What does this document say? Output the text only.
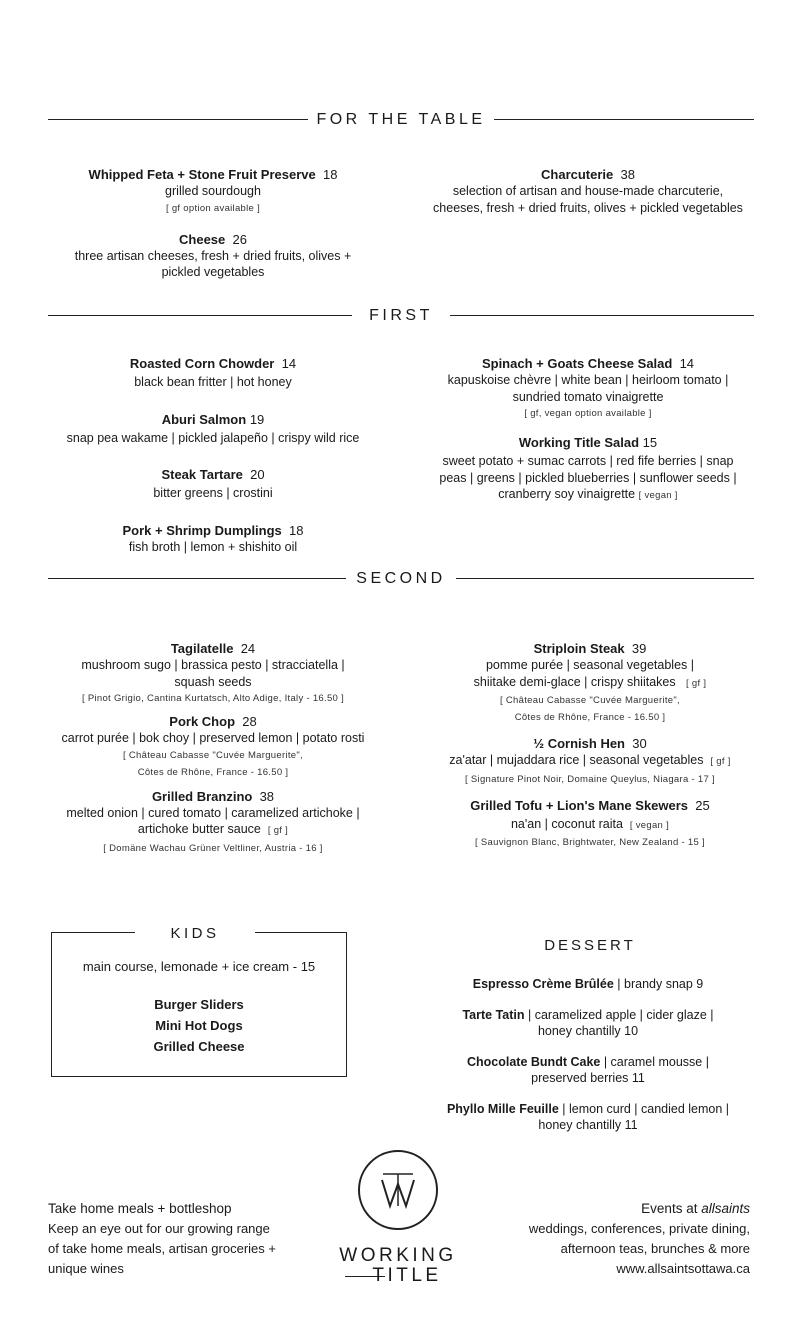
FOR THE TABLE
Whipped Feta + Stone Fruit Preserve 18
grilled sourdough
[ gf option available ]
Cheese 26
three artisan cheeses, fresh + dried fruits, olives +
pickled vegetables
Charcuterie 38
selection of artisan and house-made charcuterie,
cheeses, fresh + dried fruits, olives + pickled vegetables
FIRST
Roasted Corn Chowder 14
black bean fritter | hot honey
Aburi Salmon 19
snap pea wakame | pickled jalapeño | crispy wild rice
Steak Tartare 20
bitter greens | crostini
Pork + Shrimp Dumplings 18
fish broth | lemon + shishito oil
Spinach + Goats Cheese Salad 14
kapuskoise chèvre | white bean | heirloom tomato |
sundried tomato vinaigrette
[ gf, vegan option available ]
Working Title Salad 15
sweet potato + sumac carrots | red fife berries | snap
peas | greens | pickled blueberries | sunflower seeds |
cranberry soy vinaigrette [ vegan ]
SECOND
Tagilatelle 24
mushroom sugo | brassica pesto | stracciatella |
squash seeds
[ Pinot Grigio, Cantina Kurtatsch, Alto Adige, Italy - 16.50 ]
Pork Chop 28
carrot purée | bok choy | preserved lemon | potato rosti
[ Château Cabasse "Cuvée Marguerite",
Côtes de Rhône, France - 16.50 ]
Grilled Branzino 38
melted onion | cured tomato | caramelized artichoke |
artichoke butter sauce [ gf ]
[ Domäne Wachau Grüner Veltliner, Austria - 16 ]
Striploin Steak 39
pomme purée | seasonal vegetables |
shiitake demi-glace | crispy shiitakes [ gf ]
[ Château Cabasse "Cuvée Marguerite",
Côtes de Rhône, France - 16.50 ]
½ Cornish Hen 30
za'atar | mujaddara rice | seasonal vegetables [ gf ]
[ Signature Pinot Noir, Domaine Queylus, Niagara - 17 ]
Grilled Tofu + Lion's Mane Skewers 25
na'an | coconut raita [ vegan ]
[ Sauvignon Blanc, Brightwater, New Zealand - 15 ]
KIDS
main course, lemonade + ice cream - 15
Burger Sliders
Mini Hot Dogs
Grilled Cheese
DESSERT
Espresso Crème Brûlée | brandy snap 9
Tarte Tatin | caramelized apple | cider glaze |
honey chantilly 10
Chocolate Bundt Cake | caramel mousse |
preserved berries 11
Phyllo Mille Feuille | lemon curd | candied lemon |
honey chantilly 11
Take home meals + bottleshop
Keep an eye out for our growing range
of take home meals, artisan groceries +
unique wines
WORKING
TITLE
Events at allsaints
weddings, conferences, private dining,
afternoon teas, brunches & more
www.allsaintsottawa.ca
